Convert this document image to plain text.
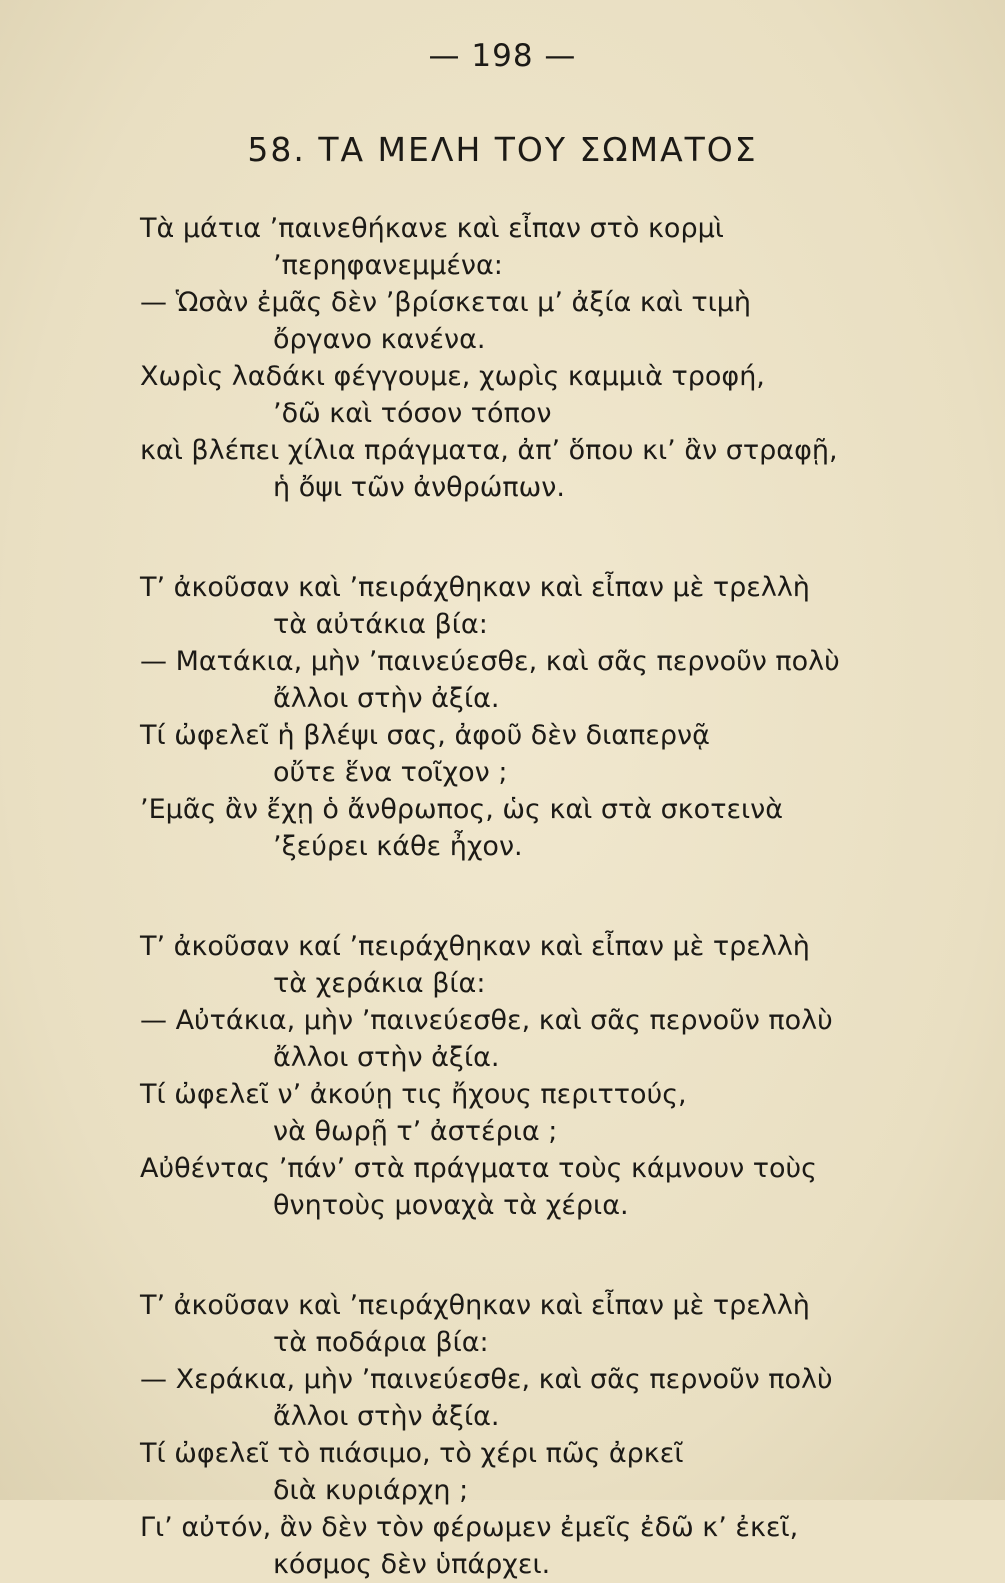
— 198 —
58. ΤΑ ΜΕΛΗ ΤΟΥ ΣΩΜΑΤΟΣ
Τὰ μάτια ʼπαινεθήκανε καὶ εἶπαν στὸ κορμὶ
ʼπερηφανεμμένα:
— Ὡσὰν ἐμᾶς δὲν ʼβρίσκεται μʼ ἀξία καὶ τιμὴ
ὄργανο κανένα.
Χωρὶς λαδάκι φέγγουμε, χωρὶς καμμιὰ τροφή,
ʼδῶ καὶ τόσον τόπον
καὶ βλέπει χίλια πράγματα, ἀπʼ ὅπου κιʼ ἂν στραφῇ,
ἡ ὄψι τῶν ἀνθρώπων.
Τʼ ἀκοῦσαν καὶ ʼπειράχθηκαν καὶ εἶπαν μὲ τρελλὴ
τὰ αὐτάκια βία:
— Ματάκια, μὴν ʼπαινεύεσθε, καὶ σᾶς περνοῦν πολὺ
ἄλλοι στὴν ἀξία.
Τί ὠφελεῖ ἡ βλέψι σας, ἀφοῦ δὲν διαπερνᾷ
οὔτε ἕνα τοῖχον ;
ʼΕμᾶς ἂν ἔχῃ ὁ ἄνθρωπος, ὡς καὶ στὰ σκοτεινὰ
ʼξεύρει κάθε ἦχον.
Τʼ ἀκοῦσαν καί ʼπειράχθηκαν καὶ εἶπαν μὲ τρελλὴ
τὰ χεράκια βία:
— Αὐτάκια, μὴν ʼπαινεύεσθε, καὶ σᾶς περνοῦν πολὺ
ἄλλοι στὴν ἀξία.
Τί ὠφελεῖ νʼ ἀκούῃ τις ἤχους περιττούς,
νὰ θωρῇ τʼ ἀστέρια ;
Αὐθέντας ʼπάνʼ στὰ πράγματα τοὺς κάμνουν τοὺς
θνητοὺς μοναχὰ τὰ χέρια.
Τʼ ἀκοῦσαν καὶ ʼπειράχθηκαν καὶ εἶπαν μὲ τρελλὴ
τὰ ποδάρια βία:
— Χεράκια, μὴν ʼπαινεύεσθε, καὶ σᾶς περνοῦν πολὺ
ἄλλοι στὴν ἀξία.
Τί ὠφελεῖ τὸ πιάσιμο, τὸ χέρι πῶς ἀρκεῖ
διὰ κυριάρχη ;
Γιʼ αὐτόν, ἂν δὲν τὸν φέρωμεν ἐμεῖς ἐδῶ κʼ ἐκεῖ,
κόσμος δὲν ὑπάρχει.
